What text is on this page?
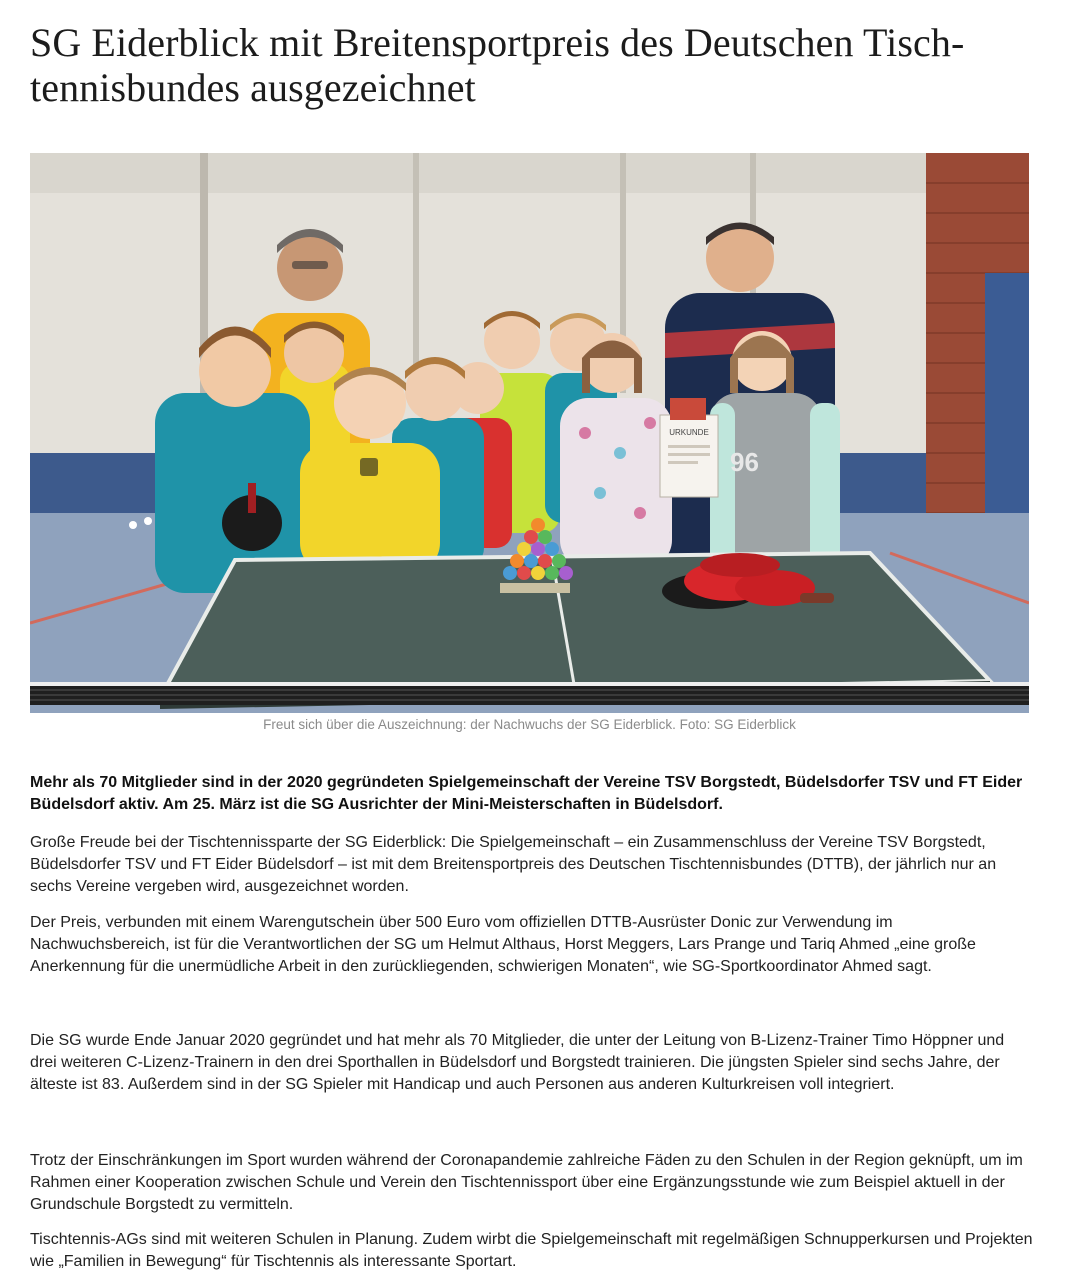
SG Eiderblick mit Breitensportpreis des Deutschen Tisch-
tennisbundes ausgezeichnet
96
URKUNDE
Freut sich über die Auszeichnung: der Nachwuchs der SG Eiderblick. Foto: SG Eiderblick

Mehr als 70 Mitglieder sind in der 2020 gegründeten Spielgemeinschaft der Vereine TSV Borgstedt, Büdelsdorfer TSV und FT Eider Büdelsdorf aktiv. Am 25. März ist die SG Ausrichter der Mini-Meisterschaften in Büdelsdorf.

Große Freude bei der Tischtennissparte der SG Eiderblick: Die Spielgemeinschaft – ein Zusammenschluss der Vereine TSV Borgstedt, Büdelsdorfer TSV und FT Eider Büdelsdorf – ist mit dem Breitensportpreis des Deutschen Tischtennisbundes (DTTB), der jährlich nur an sechs Vereine vergeben wird, ausgezeichnet worden.

Der Preis, verbunden mit einem Warengutschein über 500 Euro vom offiziellen DTTB-Ausrüster Donic zur Verwendung im Nachwuchsbereich, ist für die Verantwortlichen der SG um Helmut Althaus, Horst Meggers, Lars Prange und Tariq Ahmed „eine große Anerkennung für die unermüdliche Arbeit in den zurückliegenden, schwierigen Monaten“, wie SG-Sportkoordinator Ahmed sagt.

Die SG wurde Ende Januar 2020 gegründet und hat mehr als 70 Mitglieder, die unter der Leitung von B-Lizenz-Trainer Timo Höppner und drei weiteren C-Lizenz-Trainern in den drei Sporthallen in Büdelsdorf und Borgstedt trainieren. Die jüngsten Spieler sind sechs Jahre, der älteste ist 83. Außerdem sind in der SG Spieler mit Handicap und auch Personen aus anderen Kulturkreisen voll integriert.

Trotz der Einschränkungen im Sport wurden während der Coronapandemie zahlreiche Fäden zu den Schulen in der Region geknüpft, um im Rahmen einer Kooperation zwischen Schule und Verein den Tischtennissport über eine Ergänzungsstunde wie zum Beispiel aktuell in der Grundschule Borgstedt zu vermitteln.

Tischtennis-AGs sind mit weiteren Schulen in Planung. Zudem wirbt die Spielgemeinschaft mit regelmäßigen Schnupperkursen und Projekten wie „Familien in Bewegung“ für Tischtennis als interessante Sportart.
